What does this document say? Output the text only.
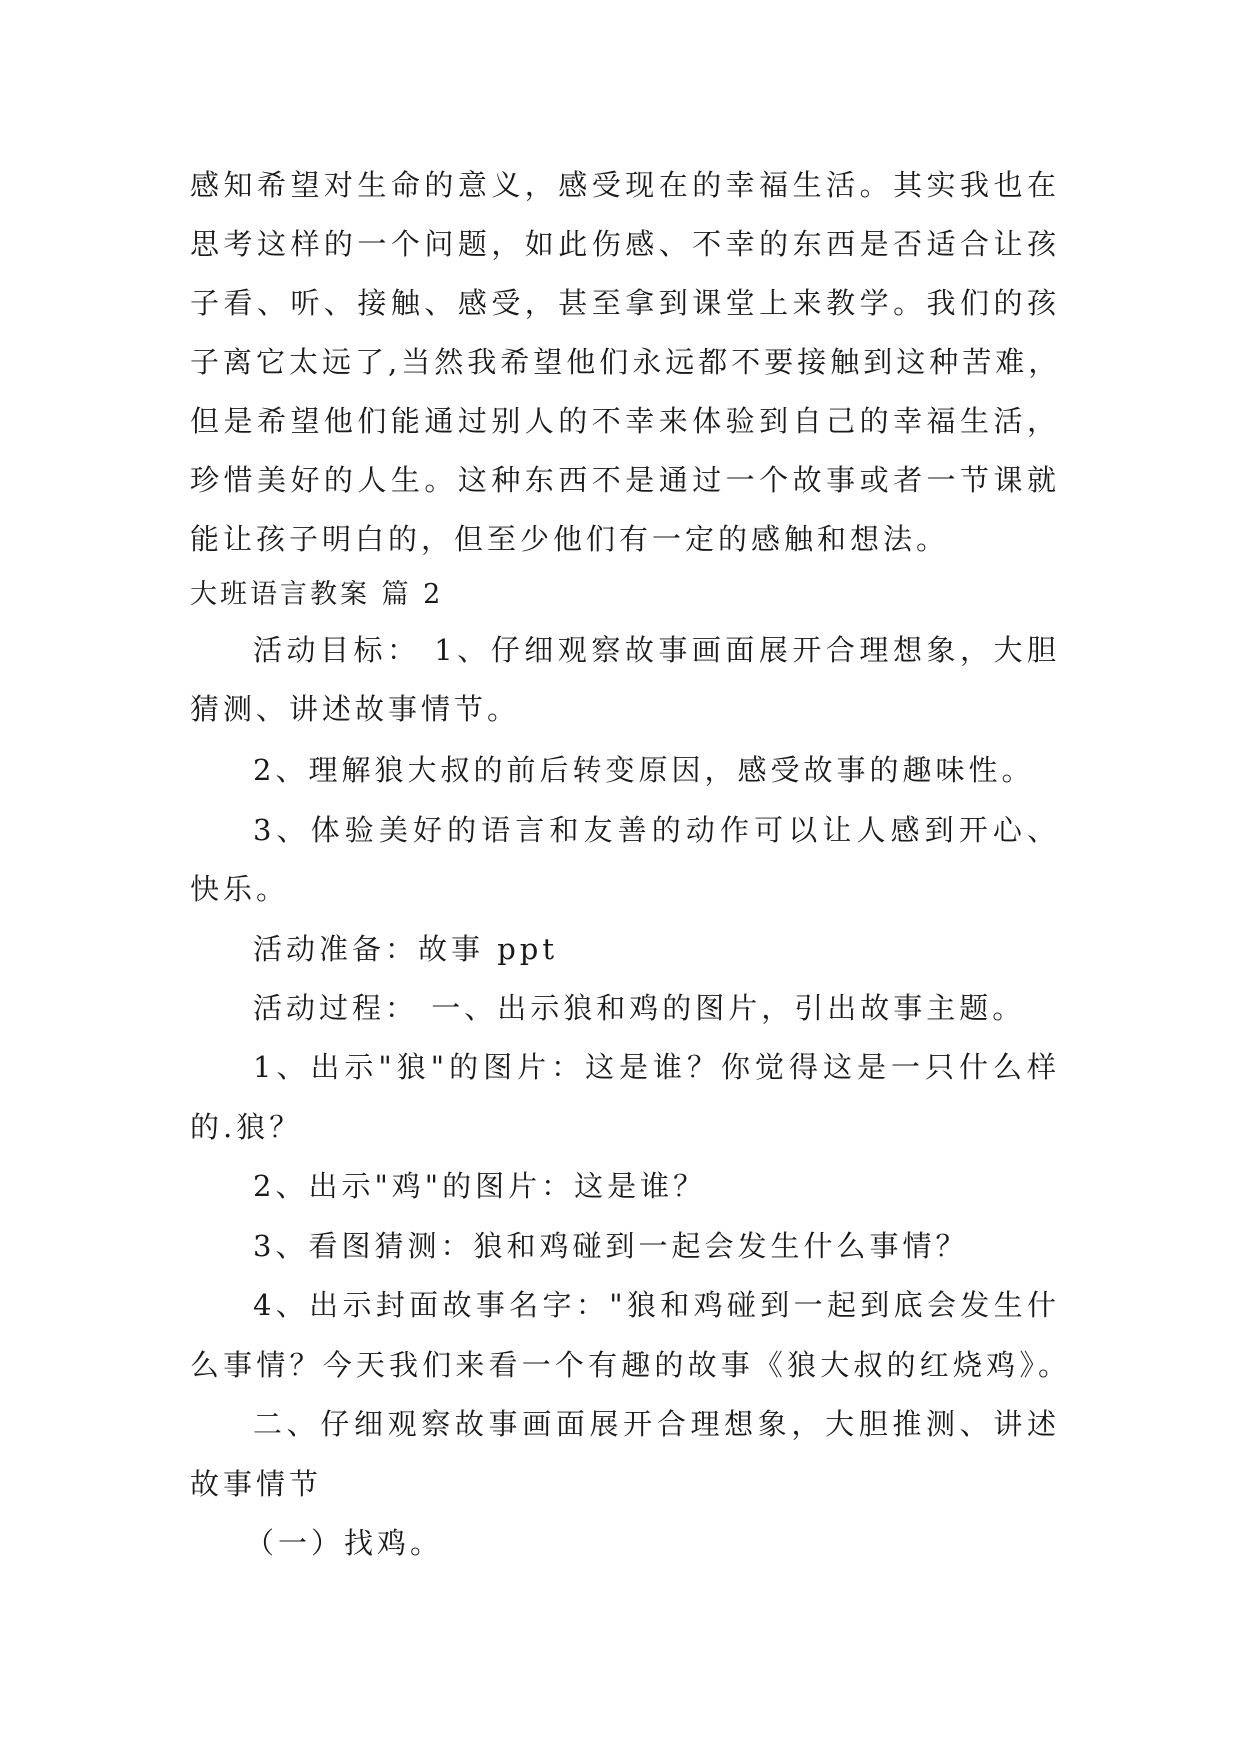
感知希望对生命的意义，感受现在的幸福生活。其实我也在
思考这样的一个问题，如此伤感、不幸的东西是否适合让孩
子看、听、接触、感受，甚至拿到课堂上来教学。我们的孩
子离它太远了,当然我希望他们永远都不要接触到这种苦难，
但是希望他们能通过别人的不幸来体验到自己的幸福生活，
珍惜美好的人生。这种东西不是通过一个故事或者一节课就
能让孩子明白的，但至少他们有一定的感触和想法。
大班语言教案 篇 2
活动目标： 1、仔细观察故事画面展开合理想象，大胆
猜测、讲述故事情节。
2、理解狼大叔的前后转变原因，感受故事的趣味性。
3、体验美好的语言和友善的动作可以让人感到开心、
快乐。
活动准备：故事 ppt
活动过程： 一、出示狼和鸡的图片，引出故事主题。
1、出示"狼"的图片：这是谁？你觉得这是一只什么样
的.狼？
2、出示"鸡"的图片：这是谁？
3、看图猜测：狼和鸡碰到一起会发生什么事情？
4、出示封面故事名字："狼和鸡碰到一起到底会发生什
么事情？今天我们来看一个有趣的故事《狼大叔的红烧鸡》。
二、仔细观察故事画面展开合理想象，大胆推测、讲述
故事情节
（一）找鸡。
